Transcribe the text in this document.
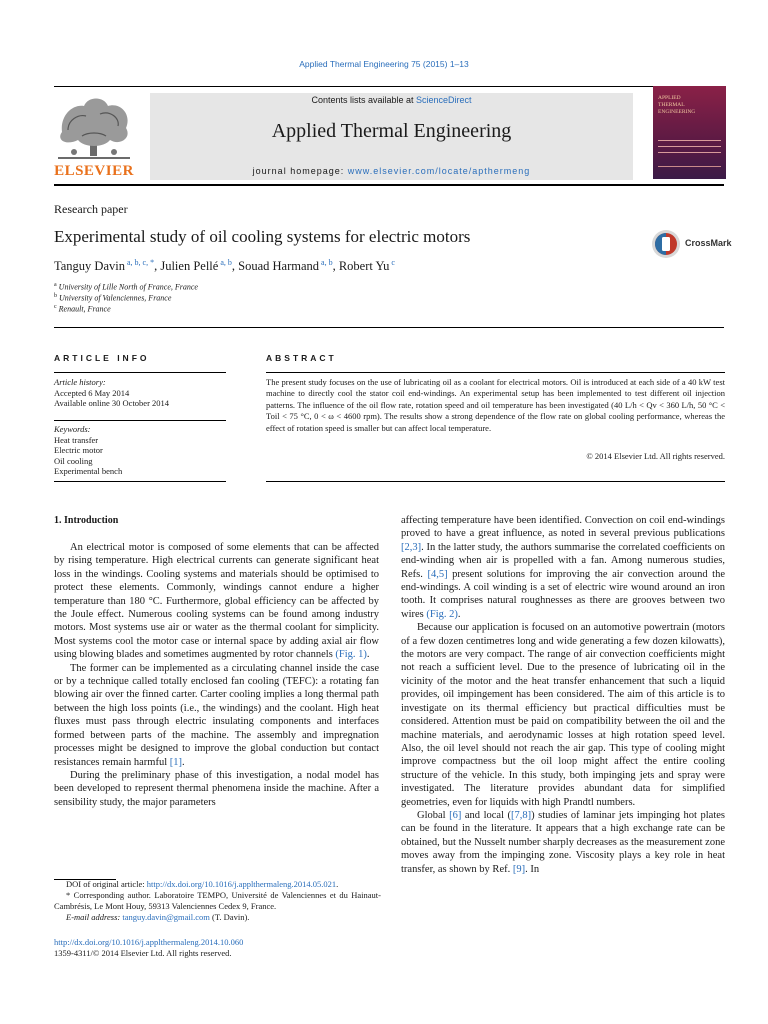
Applied Thermal Engineering 75 (2015) 1–13
ELSEVIER
Contents lists available at ScienceDirect
Applied Thermal Engineering
journal homepage: www.elsevier.com/locate/apthermeng
APPLIED
THERMAL
ENGINEERING
Research paper
Experimental study of oil cooling systems for electric motors	CrossMark
Tanguy Davin $^{a, b, c, *}$, Julien Pellé $^{a, b}$, Souad Harmand $^{a, b}$, Robert Yu $^c$
$^a$ University of Lille North of France, France
$^b$ University of Valenciennes, France
$^c$ Renault, France
ARTICLE INFO
Article history:
Accepted 6 May 2014
Available online 30 October 2014
Keywords:
Heat transfer
Electric motor
Oil cooling
Experimental bench
ABSTRACT
The present study focuses on the use of lubricating oil as a coolant for electrical motors. Oil is introduced at each side of a 40 kW test machine to directly cool the stator coil end-windings. An experimental setup has been implemented to test different oil injection patterns. The influence of the oil flow rate, rotation speed and oil temperature has been investigated (40 L/h < Qv < 360 L/h, 50 °C < Toil < 75 °C, 0 < ω < 4600 rpm). The results show a strong dependence of the flow rate on global cooling performance, whereas the effect of rotation speed is smaller but can affect local temperature.
© 2014 Elsevier Ltd. All rights reserved.
1. Introduction

An electrical motor is composed of some elements that can be affected by rising temperature. High electrical currents can generate significant heat loss in the windings. Cooling systems and materials should be optimised to protect these elements. Commonly, windings cannot endure a higher temperature than 180 °C. Furthermore, global efficiency can be affected by the Joule effect. Numerous cooling systems can be found among industry motors. Most systems use air or water as the thermal coolant for simplicity. Most systems cool the motor case or internal space by adding axial air flow using blowing blades and sometimes augmented by rotor channels (Fig. 1).

The former can be implemented as a circulating channel inside the case or by a technique called totally enclosed fan cooling (TEFC): a rotating fan blowing air over the finned carter. Carter cooling implies a long thermal path between the high loss points (i.e., the windings) and the coolant. High heat fluxes must pass through electric insulating components and interfaces formed between parts of the machine. The assembly and impregnation processes might be designed to improve the global conduction but contact resistances remain harmful [1].

During the preliminary phase of this investigation, a nodal model has been developed to represent thermal phenomena inside the machine. After a sensibility study, the major parameters

affecting temperature have been identified. Convection on coil end-windings proved to have a great influence, as noted in several previous publications [2,3]. In the latter study, the authors summarise the correlated coefficients on end-winding when air is propelled with a fan. Among numerous studies, Refs. [4,5] present solutions for improving the air convection around the end-windings. A coil winding is a set of electric wire wound around an iron tooth. It comprises natural roughnesses as there are grooves between two wires (Fig. 2).

Because our application is focused on an automotive powertrain (motors of a few dozen centimetres long and wide generating a few dozen kilowatts), the motors are very compact. The range of air convection coefficients might not reach a sufficient level. Due to the presence of lubricating oil in the vicinity of the motor and the heat transfer enhancement that such a liquid provides, oil impingement has been considered. The aim of this article is to investigate on its thermal efficiency but practical difficulties must be considered. Attention must be paid on compatibility between the oil and the machine materials, and aerodynamic losses at high rotation speed level. Also, the oil level should not reach the air gap. This type of cooling might improve compactness but the oil loop might affect the entire cooling structure of the vehicle. In this study, both impinging jets and spray were investigated. The literature provides abundant data for simplified geometries, even for liquids with high Prandtl numbers.

Global [6] and local ([7,8]) studies of laminar jets impinging hot plates can be found in the literature. It appears that a high exchange rate can be obtained, but the Nusselt number sharply decreases as the measurement zone moves away from the impinging zone. Viscosity plays a key role in heat transfer, as shown by Ref. [9]. In

DOI of original article: http://dx.doi.org/10.1016/j.applthermaleng.2014.05.021.

* Corresponding author. Laboratoire TEMPO, Université de Valenciennes et du Hainaut-Cambrésis, Le Mont Houy, 59313 Valenciennes Cedex 9, France.

E-mail address: tanguy.davin@gmail.com (T. Davin).

http://dx.doi.org/10.1016/j.applthermaleng.2014.10.060
1359-4311/© 2014 Elsevier Ltd. All rights reserved.
